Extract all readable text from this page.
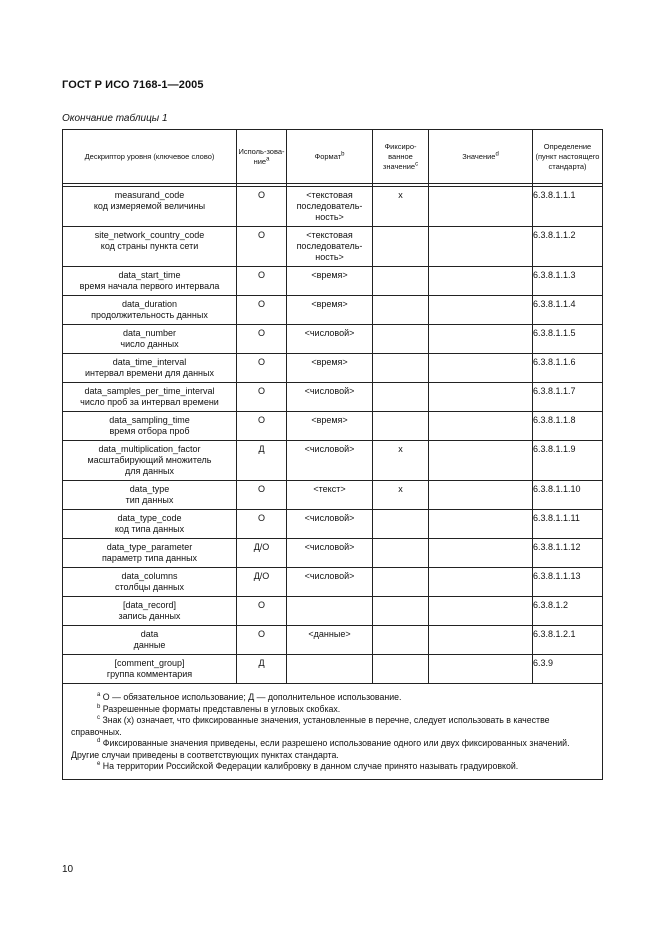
ГОСТ Р ИСО 7168-1—2005
Окончание таблицы 1
Дескриптор уровня (ключевое слово)	Исполь-зова-ние$^a$	Формат$^b$	Фиксиро-ванное значение$^c$	Значение$^d$	Определение (пункт настоящего стандарта)

measurand_code
код измеряемой величины	О	<текстовая последователь-ность>	x		6.3.8.1.1.1

site_network_country_code
код страны пункта сети	О	<текстовая последователь-ность>			6.3.8.1.1.2

data_start_time
время начала первого интервала	О	<время>			6.3.8.1.1.3

data_duration
продолжительность данных	О	<время>			6.3.8.1.1.4

data_number
число данных	О	<числовой>			6.3.8.1.1.5

data_time_interval
интервал времени для данных	О	<время>			6.3.8.1.1.6

data_samples_per_time_interval
число проб за интервал времени	О	<числовой>			6.3.8.1.1.7

data_sampling_time
время отбора проб	О	<время>			6.3.8.1.1.8

data_multiplication_factor
масштабирующий множитель
для данных	Д	<числовой>	x		6.3.8.1.1.9

data_type
тип данных	О	<текст>	x		6.3.8.1.1.10

data_type_code
код типа данных	О	<числовой>			6.3.8.1.1.11

data_type_parameter
параметр типа данных	Д/О	<числовой>			6.3.8.1.1.12

data_columns
столбцы данных	Д/О	<числовой>			6.3.8.1.1.13

[data_record]
запись данных	О				6.3.8.1.2

data
данные	О	<данные>			6.3.8.1.2.1

[comment_group]
группа комментария	Д				6.3.9

$^a$ О — обязательное использование; Д — дополнительное использование.
$^b$ Разрешенные форматы представлены в угловых скобках.
$^c$ Знак (x) означает, что фиксированные значения, установленные в перечне, следует использовать в качестве справочных.
$^d$ Фиксированные значения приведены, если разрешено использование одного или двух фиксированных значений. Другие случаи приведены в соответствующих пунктах стандарта.
$^e$ На территории Российской Федерации калибровку в данном случае принято называть градуировкой.					
10
